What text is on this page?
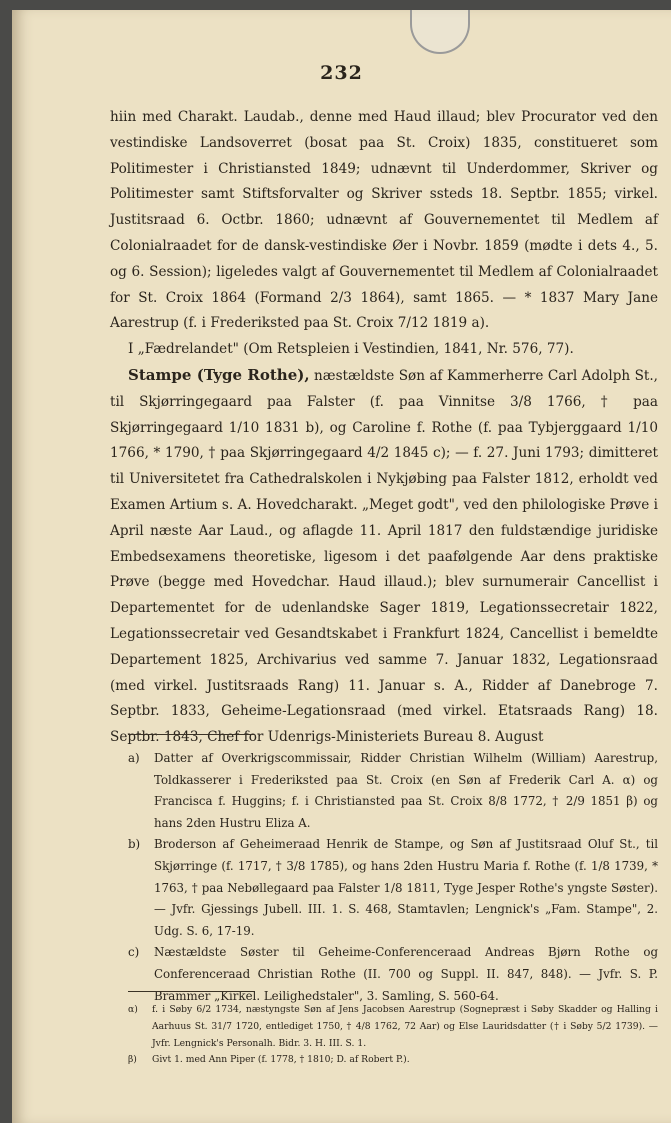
232

hiin med Charakt. Laudab., denne med Haud illaud; blev Procurator ved den vestindiske Landsoverret (bosat paa St. Croix) 1835, constitueret som Politimester i Christiansted 1849; udnævnt til Underdommer, Skriver og Politimester samt Stiftsforvalter og Skriver ssteds 18. Septbr. 1855; virkel. Justitsraad 6. Octbr. 1860; udnævnt af Gouvernementet til Medlem af Colonialraadet for de dansk-vestindiske Øer i Novbr. 1859 (mødte i dets 4., 5. og 6. Session); ligeledes valgt af Gouvernementet til Medlem af Colonialraadet for St. Croix 1864 (Formand 2/3 1864), samt 1865. — * 1837 Mary Jane Aarestrup (f. i Frederiksted paa St. Croix 7/12 1819 a).

I „Fædrelandet" (Om Retspleien i Vestindien, 1841, Nr. 576, 77).

Stampe (Tyge Rothe), næstældste Søn af Kammerherre Carl Adolph St., til Skjørringegaard paa Falster (f. paa Vinnitse 3/8 1766, † paa Skjørringegaard 1/10 1831 b), og Caroline f. Rothe (f. paa Tybjerggaard 1/10 1766, * 1790, † paa Skjørringegaard 4/2 1845 c); — f. 27. Juni 1793; dimitteret til Universitetet fra Cathedralskolen i Nykjøbing paa Falster 1812, erholdt ved Examen Artium s. A. Hovedcharakt. „Meget godt", ved den philologiske Prøve i April næste Aar Laud., og aflagde 11. April 1817 den fuldstændige juridiske Embedsexamens theoretiske, ligesom i det paafølgende Aar dens praktiske Prøve (begge med Hovedchar. Haud illaud.); blev surnumerair Cancellist i Departementet for de udenlandske Sager 1819, Legationssecretair 1822, Legationssecretair ved Gesandtskabet i Frankfurt 1824, Cancellist i bemeldte Departement 1825, Archivarius ved samme 7. Januar 1832, Legationsraad (med virkel. Justitsraads Rang) 11. Januar s. A., Ridder af Danebroge 7. Septbr. 1833, Geheime-Legationsraad (med virkel. Etatsraads Rang) 18. Septbr. 1843, Chef for Udenrigs-Ministeriets Bureau 8. August

a)	Datter af Overkrigscommissair, Ridder Christian Wilhelm (William) Aarestrup, Toldkasserer i Frederiksted paa St. Croix (en Søn af Frederik Carl A. α) og Francisca f. Huggins; f. i Christiansted paa St. Croix 8/8 1772, † 2/9 1851 β) og hans 2den Hustru Eliza A.
b)	Broderson af Geheimeraad Henrik de Stampe, og Søn af Justitsraad Oluf St., til Skjørringe (f. 1717, † 3/8 1785), og hans 2den Hustru Maria f. Rothe (f. 1/8 1739, * 1763, † paa Nebøllegaard paa Falster 1/8 1811, Tyge Jesper Rothe's yngste Søster). — Jvfr. Gjessings Jubell. III. 1. S. 468, Stamtavlen; Lengnick's „Fam. Stampe", 2. Udg. S. 6, 17-19.
c)	Næstældste Søster til Geheime-Conferenceraad Andreas Bjørn Rothe og Conferenceraad Christian Rothe (II. 700 og Suppl. II. 847, 848). — Jvfr. S. P. Brammer „Kirkel. Leilighedstaler", 3. Samling, S. 560-64.
α)	f. i Søby 6/2 1734, næstyngste Søn af Jens Jacobsen Aarestrup (Sognepræst i Søby Skadder og Halling i Aarhuus St. 31/7 1720, entlediget 1750, † 4/8 1762, 72 Aar) og Else Lauridsdatter († i Søby 5/2 1739). — Jvfr. Lengnick's Personalh. Bidr. 3. H. III. S. 1.
β)	Givt 1. med Ann Piper (f. 1778, † 1810; D. af Robert P.).
